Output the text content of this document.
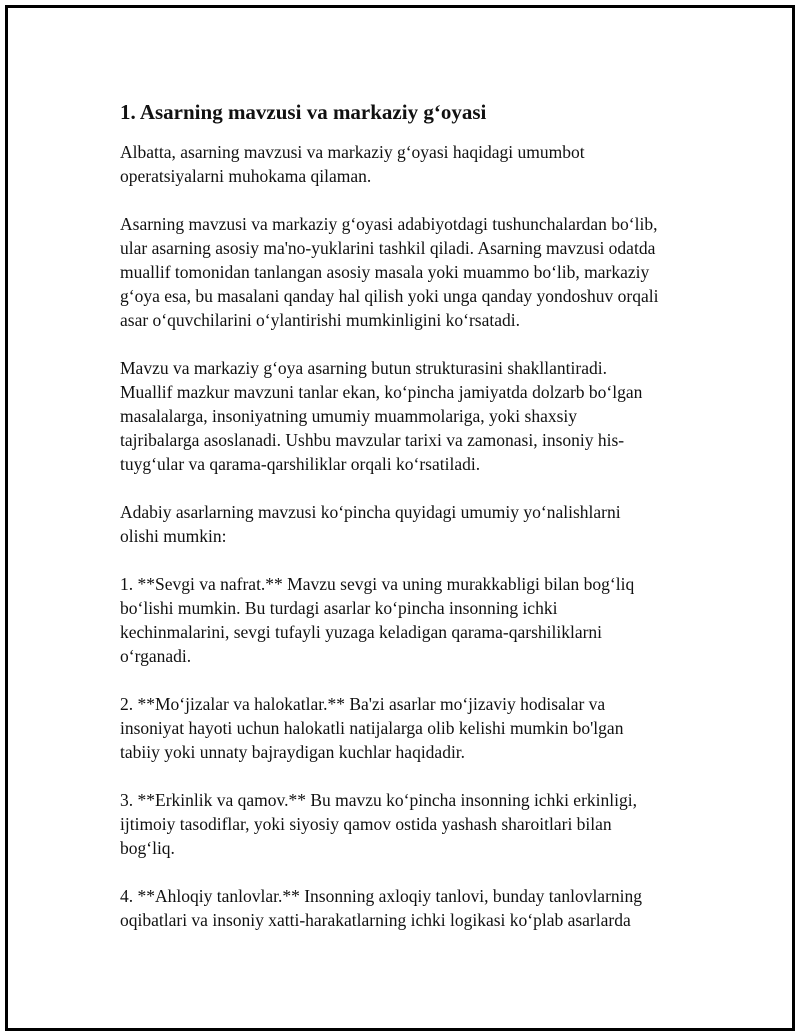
1. Asarning mavzusi va markaziy g‘oyasi

Albatta, asarning mavzusi va markaziy g‘oyasi haqidagi umumbot
operatsiyalarni muhokama qilaman.

Asarning mavzusi va markaziy g‘oyasi adabiyotdagi tushunchalardan bo‘lib,
ular asarning asosiy ma'no-yuklarini tashkil qiladi. Asarning mavzusi odatda
muallif tomonidan tanlangan asosiy masala yoki muammo bo‘lib, markaziy
g‘oya esa, bu masalani qanday hal qilish yoki unga qanday yondoshuv orqali
asar o‘quvchilarini o‘ylantirishi mumkinligini ko‘rsatadi.

Mavzu va markaziy g‘oya asarning butun strukturasini shakllantiradi.
Muallif mazkur mavzuni tanlar ekan, ko‘pincha jamiyatda dolzarb bo‘lgan
masalalarga, insoniyatning umumiy muammolariga, yoki shaxsiy
tajribalarga asoslanadi. Ushbu mavzular tarixi va zamonasi, insoniy his-
tuyg‘ular va qarama-qarshiliklar orqali ko‘rsatiladi.

Adabiy asarlarning mavzusi ko‘pincha quyidagi umumiy yo‘nalishlarni
olishi mumkin:

1. **Sevgi va nafrat.** Mavzu sevgi va uning murakkabligi bilan bog‘liq
bo‘lishi mumkin. Bu turdagi asarlar ko‘pincha insonning ichki
kechinmalarini, sevgi tufayli yuzaga keladigan qarama-qarshiliklarni
o‘rganadi.

2. **Mo‘jizalar va halokatlar.** Ba'zi asarlar mo‘jizaviy hodisalar va
insoniyat hayoti uchun halokatli natijalarga olib kelishi mumkin bo'lgan
tabiiy yoki unnaty bajraydigan kuchlar haqidadir.

3. **Erkinlik va qamov.** Bu mavzu ko‘pincha insonning ichki erkinligi,
ijtimoiy tasodiflar, yoki siyosiy qamov ostida yashash sharoitlari bilan
bog‘liq.

4. **Ahloqiy tanlovlar.** Insonning axloqiy tanlovi, bunday tanlovlarning
oqibatlari va insoniy xatti-harakatlarning ichki logikasi ko‘plab asarlarda
